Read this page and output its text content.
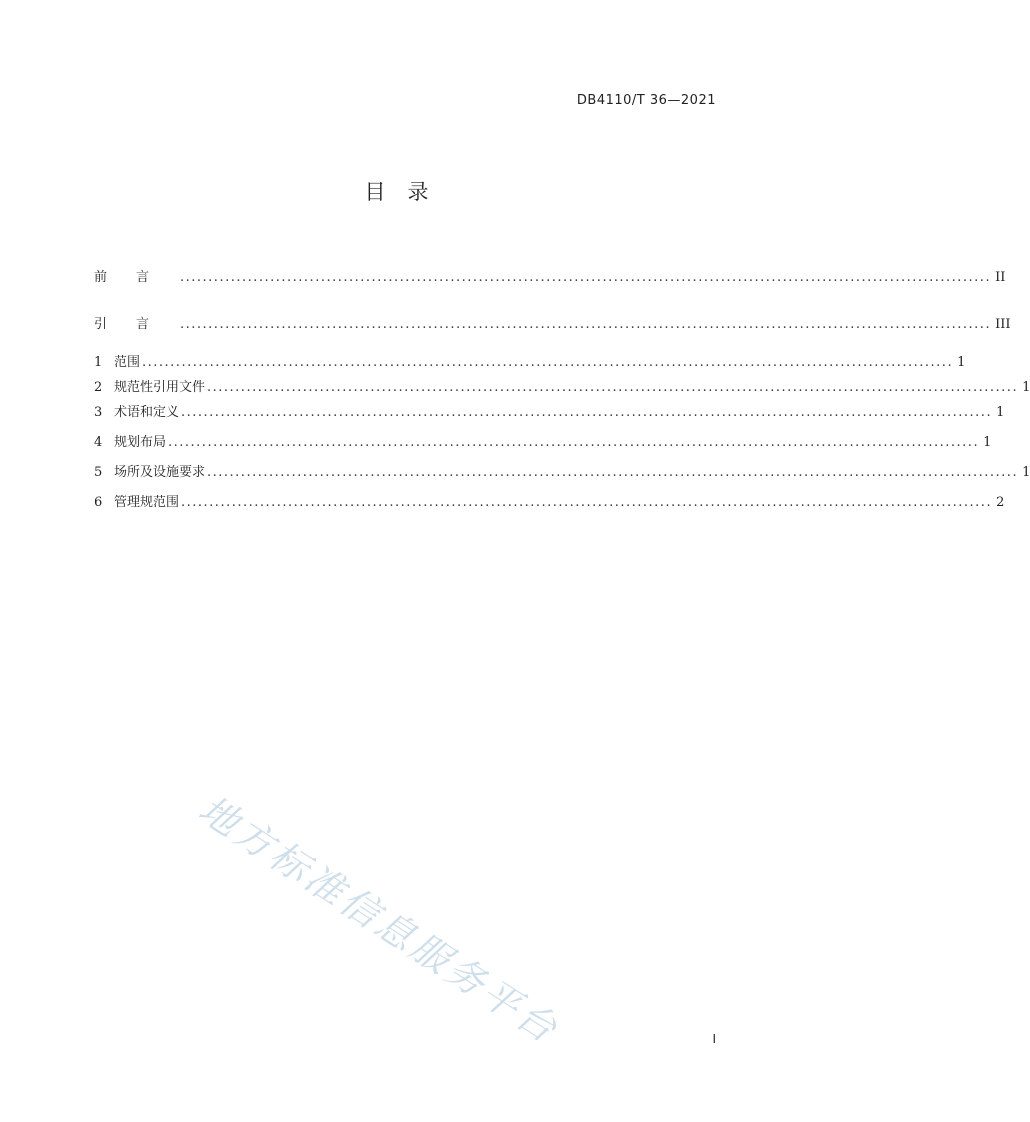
DB4110/T 36—2021
目录
前言 ................................................................................................................................................ II
引言 ................................................................................................................................................ III
1 范围 ................................................................................................................................................ 1
2 规范性引用文件 ................................................................................................................................................ 1
3 术语和定义 ................................................................................................................................................ 1
4 规划布局 ................................................................................................................................................ 1
5 场所及设施要求 ................................................................................................................................................ 1
6 管理规范围 ................................................................................................................................................ 2
地方标准信息服务平台	I
